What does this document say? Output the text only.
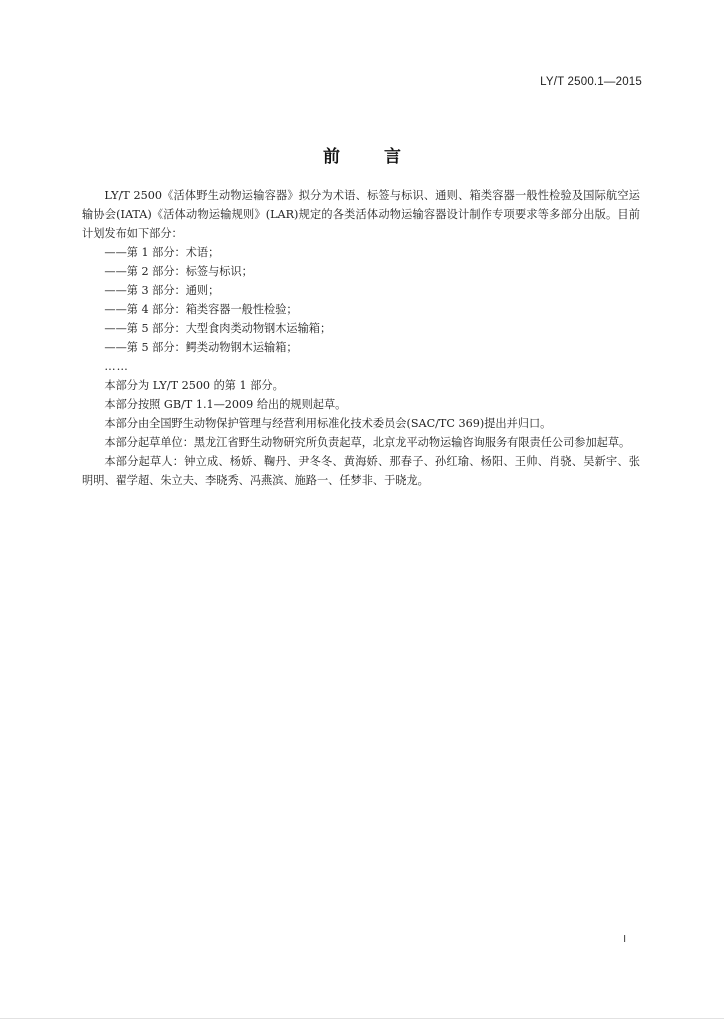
LY/T 2500.1—2015
前言

LY/T 2500《活体野生动物运输容器》拟分为术语、标签与标识、通则、箱类容器一般性检验及国际航空运输协会(IATA)《活体动物运输规则》(LAR)规定的各类活体动物运输容器设计制作专项要求等多部分出版。目前计划发布如下部分：

——第 1 部分：术语；

——第 2 部分：标签与标识；

——第 3 部分：通则；

——第 4 部分：箱类容器一般性检验；

——第 5 部分：大型食肉类动物钢木运输箱；

——第 5 部分：鳄类动物钢木运输箱；

……

本部分为 LY/T 2500 的第 1 部分。

本部分按照 GB/T 1.1—2009 给出的规则起草。

本部分由全国野生动物保护管理与经营利用标准化技术委员会(SAC/TC 369)提出并归口。

本部分起草单位：黑龙江省野生动物研究所负责起草，北京龙平动物运输咨询服务有限责任公司参加起草。

本部分起草人：钟立成、杨娇、鞠丹、尹冬冬、黄海娇、那春子、孙红瑜、杨阳、王帅、肖骁、吴新宇、张明明、翟学超、朱立夫、李晓秀、冯燕滨、施路一、任梦非、于晓龙。

I
